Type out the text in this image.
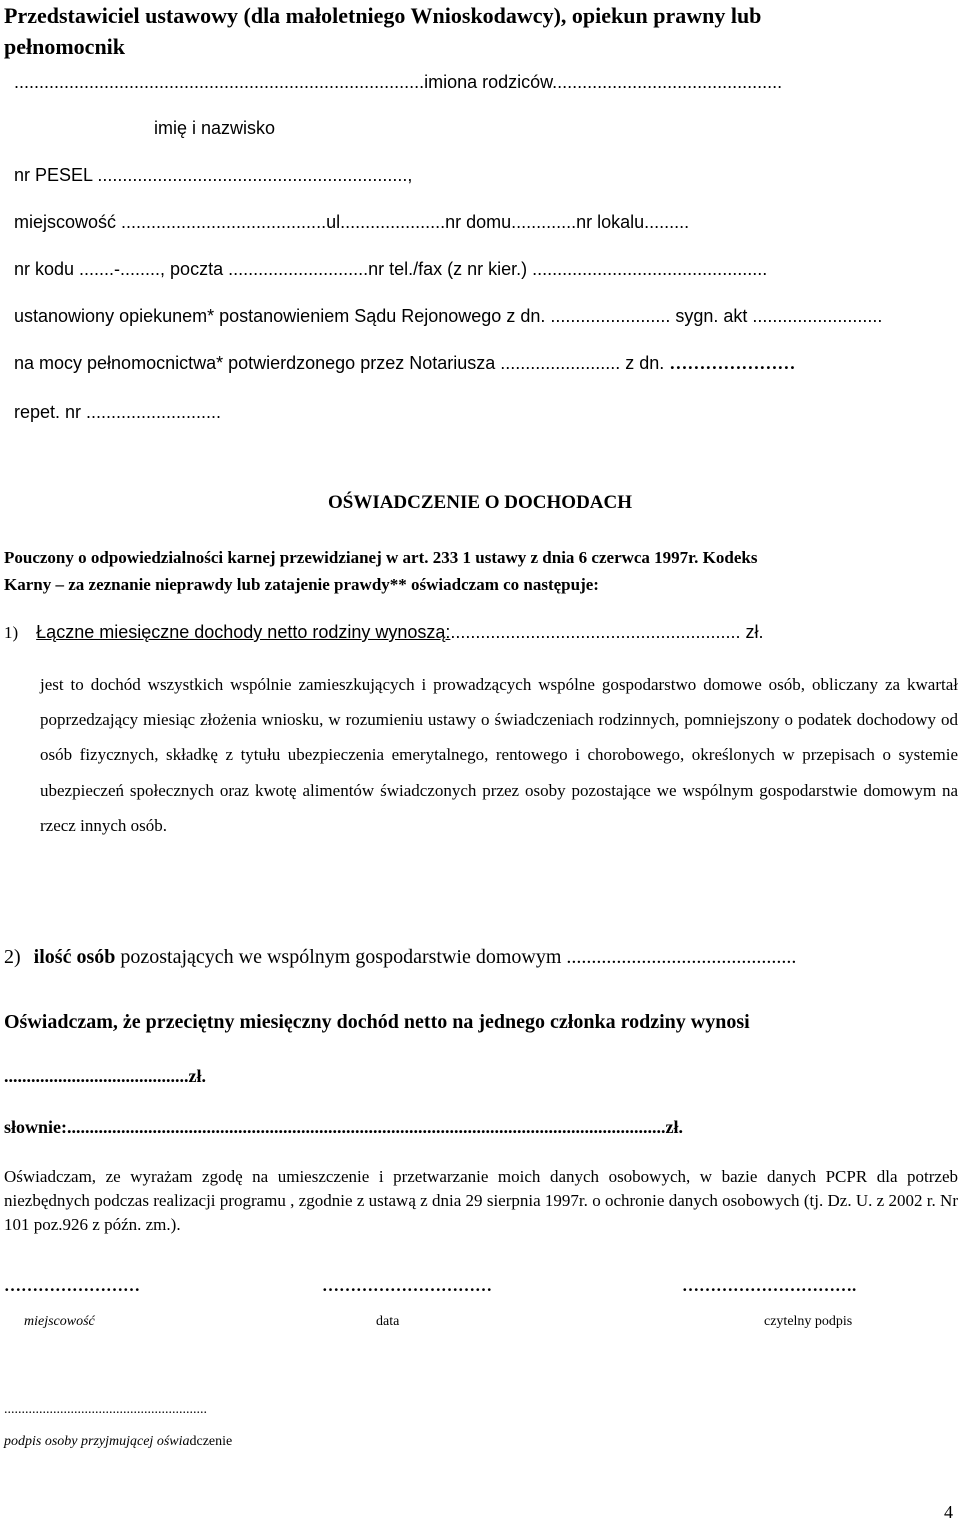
Przedstawiciel ustawowy (dla małoletniego Wnioskodawcy), opiekun prawny lub
pełnomocnik
..................................................................................imiona rodziców..............................................
imię i nazwisko
nr PESEL ..............................................................,
miejscowość .........................................ul.....................nr domu.............nr lokalu.........
nr kodu .......-........, poczta ............................nr tel./fax (z nr kier.) ...............................................
ustanowiony opiekunem* postanowieniem Sądu Rejonowego z dn. ........................ sygn. akt ..........................
na mocy pełnomocnictwa* potwierdzonego przez Notariusza ........................ z dn. …………………
repet. nr ...........................
OŚWIADCZENIE O DOCHODACH
Pouczony o odpowiedzialności karnej przewidzianej w art. 233 1 ustawy z dnia 6 czerwca 1997r. Kodeks
Karny – za zeznanie nieprawdy lub zatajenie prawdy** oświadczam co następuje:
1) Łączne miesięczne dochody netto rodziny wynoszą:.......................................................... zł.
jest to dochód wszystkich wspólnie zamieszkujących i prowadzących wspólne gospodarstwo domowe osób, obliczany za kwartał poprzedzający miesiąc złożenia wniosku, w rozumieniu ustawy o świadczeniach rodzinnych, pomniejszony o podatek dochodowy od osób fizycznych, składkę z tytułu ubezpieczenia emerytalnego, rentowego i chorobowego, określonych w przepisach o systemie ubezpieczeń społecznych oraz kwotę alimentów świadczonych przez osoby pozostające we wspólnym gospodarstwie domowym na rzecz innych osób.
2) ilość osób pozostających we wspólnym gospodarstwie domowym ..............................................
Oświadczam, że przeciętny miesięczny dochód netto na jednego członka rodziny wynosi
.........................................zł.
słownie:.....................................................................................................................................zł.
Oświadczam, ze wyrażam zgodę na umieszczenie i przetwarzanie moich danych osobowych, w bazie danych PCPR dla potrzeb niezbędnych podczas realizacji programu , zgodnie z ustawą z dnia 29 sierpnia 1997r. o ochronie danych osobowych (tj. Dz. U. z 2002 r. Nr 101 poz.926 z późn. zm.).
……………………	…………………………	………………………….
miejscowość	data	czytelny podpis
..........................................................
podpis osoby przyjmującej oświadczenie
4
